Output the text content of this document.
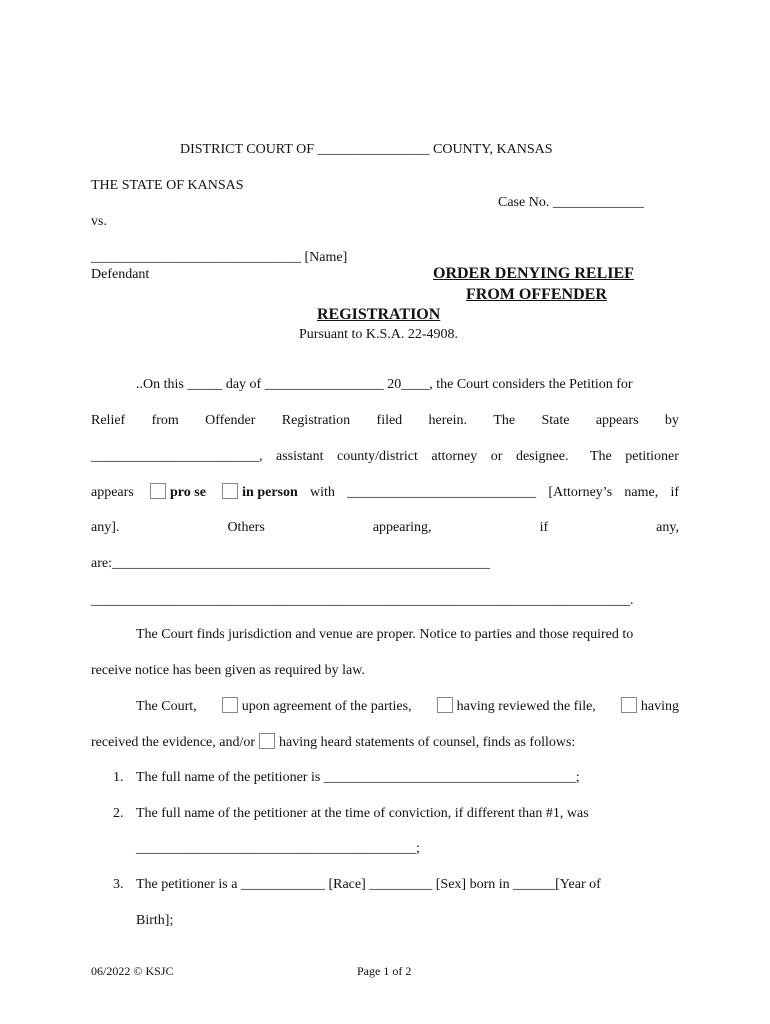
DISTRICT COURT OF ________________ COUNTY, KANSAS
THE STATE OF KANSAS
Case No. _____________
vs.
______________________________ [Name]
Defendant	ORDER DENYING RELIEF
FROM OFFENDER
REGISTRATION
Pursuant to K.S.A. 22-4908.
..On this _____ day of _________________ 20____, the Court considers the Petition for
Relief from Offender Registration filed herein. The State appears by
________________________, assistant county/district attorney or designee. The petitioner
appears	pro se	in person with ___________________________ [Attorney’s name, if
any].	Others	appearing,	if	any,
are:______________________________________________________
_____________________________________________________________________________.
The Court finds jurisdiction and venue are proper. Notice to parties and those required to
receive notice has been given as required by law.
The Court,	upon agreement of the parties,	having reviewed the file,	having
received the evidence, and/or having heard statements of counsel, finds as follows:
1. The full name of the petitioner is ____________________________________;
2. The full name of the petitioner at the time of conviction, if different than #1, was
________________________________________;
3. The petitioner is a ____________ [Race] _________ [Sex] born in ______[Year of
Birth];
06/2022 © KSJC	Page 1 of 2
